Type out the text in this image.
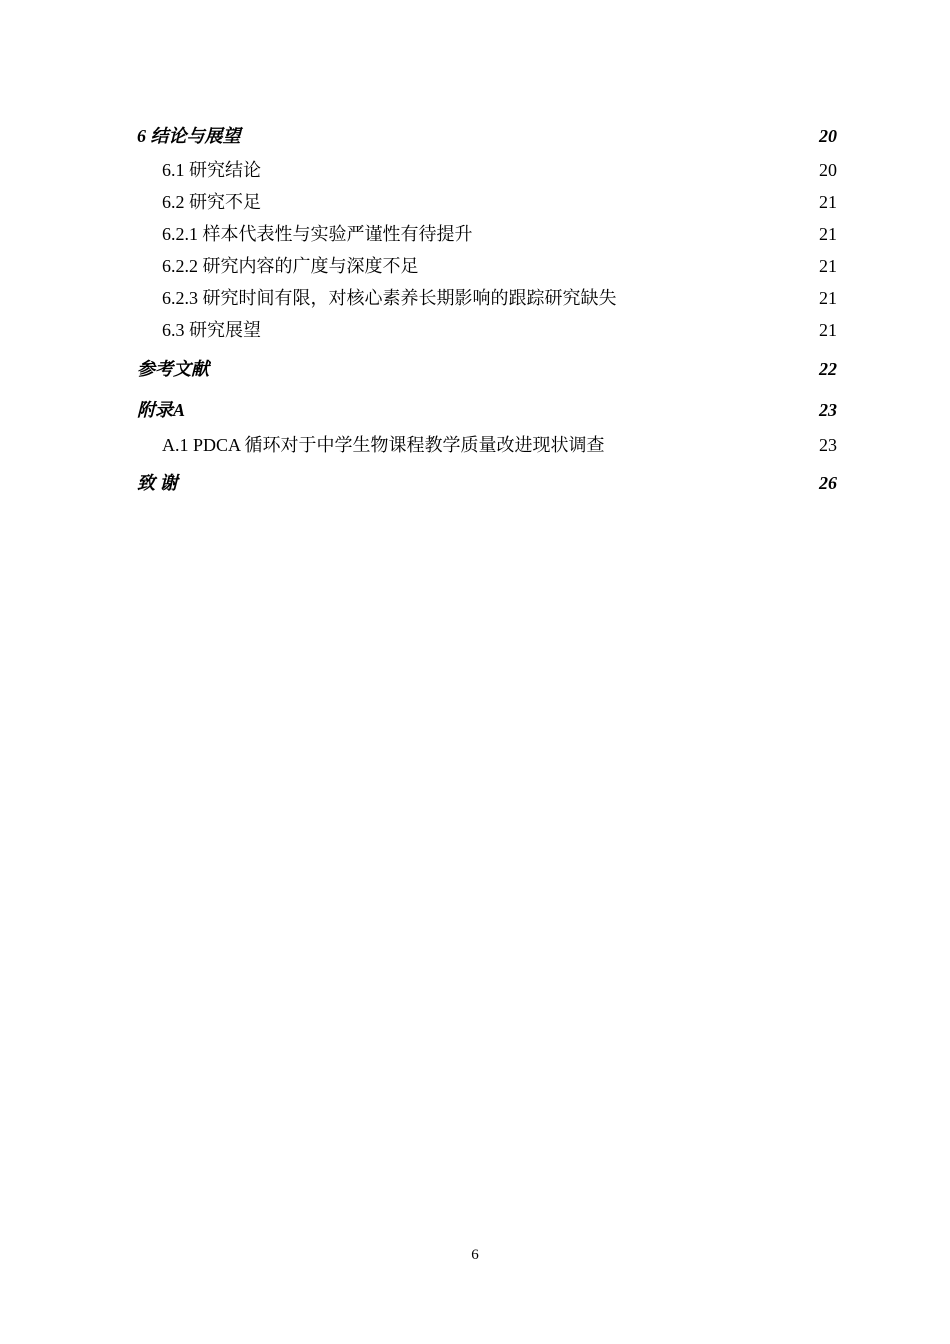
6 结论与展望	20
6.1 研究结论	20
6.2 研究不足	21
6.2.1 样本代表性与实验严谨性有待提升	21
6.2.2 研究内容的广度与深度不足	21
6.2.3 研究时间有限，对核心素养长期影响的跟踪研究缺失	21
6.3 研究展望	21
参考文献	22
附录A	23
A.1 PDCA 循环对于中学生物课程教学质量改进现状调查	23
致 谢	26
6
